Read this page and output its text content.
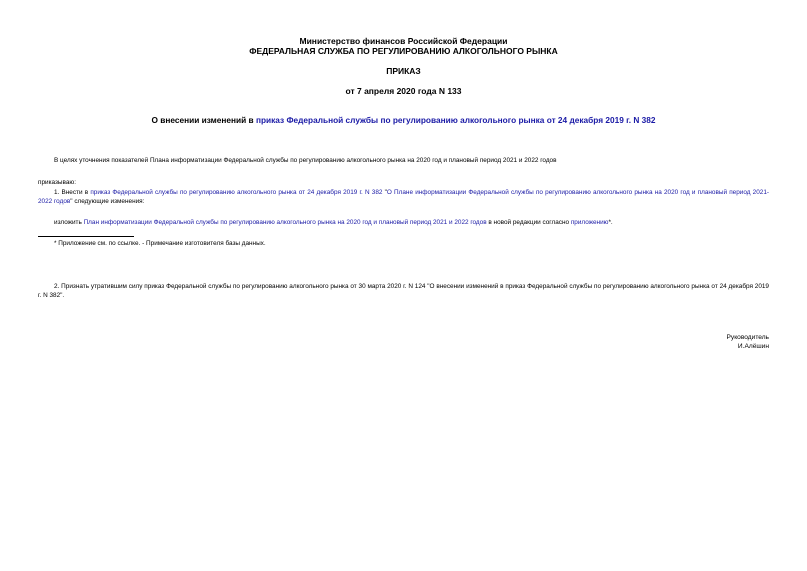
Министерство финансов Российской Федерации
ФЕДЕРАЛЬНАЯ СЛУЖБА ПО РЕГУЛИРОВАНИЮ АЛКОГОЛЬНОГО РЫНКА
ПРИКАЗ
от 7 апреля 2020 года N 133
О внесении изменений в приказ Федеральной службы по регулированию алкогольного рынка от 24 декабря 2019 г. N 382
В целях уточнения показателей Плана информатизации Федеральной службы по регулированию алкогольного рынка на 2020 год и плановый период 2021 и 2022 годов
приказываю:
1. Внести в приказ Федеральной службы по регулированию алкогольного рынка от 24 декабря 2019 г. N 382 "О Плане информатизации Федеральной службы по регулированию алкогольного рынка на 2020 год и плановый период 2021-2022 годов" следующие изменения:
изложить План информатизации Федеральной службы по регулированию алкогольного рынка на 2020 год и плановый период 2021 и 2022 годов в новой редакции согласно приложению*.
* Приложение см. по ссылке. - Примечание изготовителя базы данных.
2. Признать утратившим силу приказ Федеральной службы по регулированию алкогольного рынка от 30 марта 2020 г. N 124 "О внесении изменений в приказ Федеральной службы по регулированию алкогольного рынка от 24 декабря 2019 г. N 382".
Руководитель
И.Алёшин
